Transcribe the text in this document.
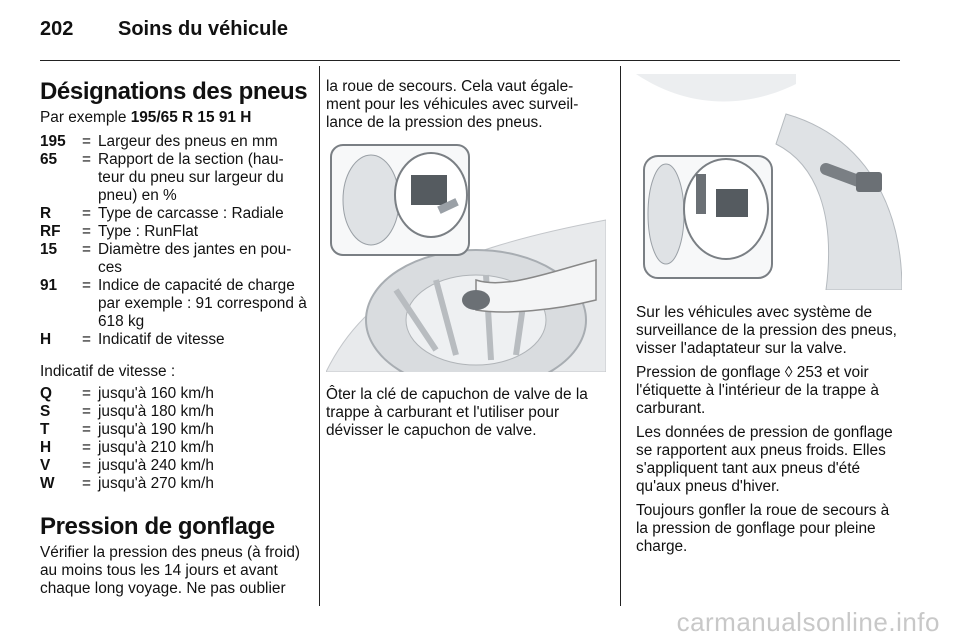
202 Soins du véhicule
Désignations des pneus

Par exemple 195/65 R 15 91 H

195	= Largeur des pneus en mm
65	= Rapport de la section (hau-teur du pneu sur largeur du pneu) en %
R	= Type de carcasse : Radiale
RF	= Type : RunFlat
15	= Diamètre des jantes en pou-ces
91	= Indice de capacité de charge par exemple : 91 correspond à 618 kg
H	= Indicatif de vitesse

Indicatif de vitesse :

Q	= jusqu'à 160 km/h
S	= jusqu'à 180 km/h
T	= jusqu'à 190 km/h
H	= jusqu'à 210 km/h
V	= jusqu'à 240 km/h
W	= jusqu'à 270 km/h
Pression de gonflage

Vérifier la pression des pneus (à froid) au moins tous les 14 jours et avant chaque long voyage. Ne pas oublier

la roue de secours. Cela vaut égale-ment pour les véhicules avec surveil-lance de la pression des pneus.

Ôter la clé de capuchon de valve de la trappe à carburant et l'utiliser pour dévisser le capuchon de valve.

Sur les véhicules avec système de surveillance de la pression des pneus, visser l'adaptateur sur la valve.

Pression de gonflage ◊ 253 et voir l'étiquette à l'intérieur de la trappe à carburant.

Les données de pression de gonflage se rapportent aux pneus froids. Elles s'appliquent tant aux pneus d'été qu'aux pneus d'hiver.

Toujours gonfler la roue de secours à la pression de gonflage pour pleine charge.

carmanualsonline.info
